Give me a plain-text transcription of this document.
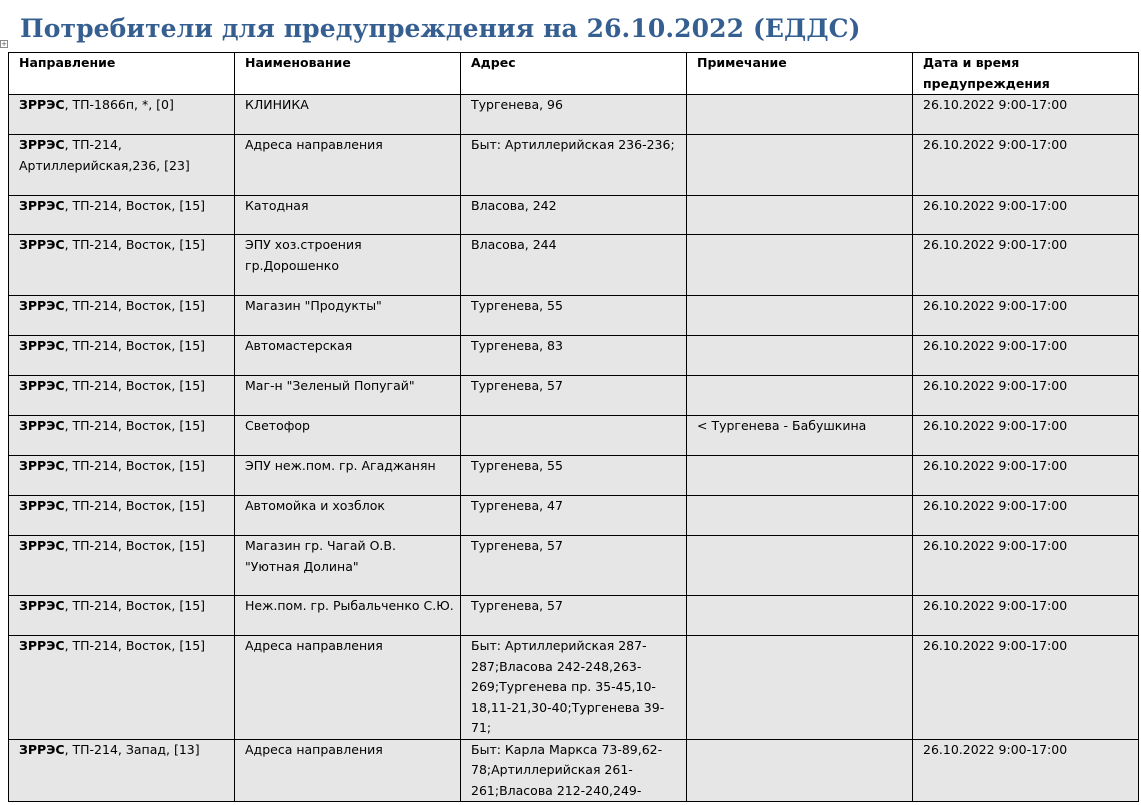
+
Потребители для предупреждения на 26.10.2022 (ЕДДС)
Направление	Наименование	Адрес	Примечание	Дата и время предупреждения
ЗРРЭС, ТП-1866п, *, [0]	КЛИНИКА	Тургенева, 96		26.10.2022 9:00-17:00
ЗРРЭС, ТП-214, Артиллерийская,236, [23]	Адреса направления	Быт: Артиллерийская 236-236;		26.10.2022 9:00-17:00
ЗРРЭС, ТП-214, Восток, [15]	Катодная	Власова, 242		26.10.2022 9:00-17:00
ЗРРЭС, ТП-214, Восток, [15]	ЭПУ хоз.строения гр.Дорошенко	Власова, 244		26.10.2022 9:00-17:00
ЗРРЭС, ТП-214, Восток, [15]	Магазин "Продукты"	Тургенева, 55		26.10.2022 9:00-17:00
ЗРРЭС, ТП-214, Восток, [15]	Автомастерская	Тургенева, 83		26.10.2022 9:00-17:00
ЗРРЭС, ТП-214, Восток, [15]	Маг-н "Зеленый Попугай"	Тургенева, 57		26.10.2022 9:00-17:00
ЗРРЭС, ТП-214, Восток, [15]	Светофор		< Тургенева - Бабушкина	26.10.2022 9:00-17:00
ЗРРЭС, ТП-214, Восток, [15]	ЭПУ неж.пом. гр. Агаджанян	Тургенева, 55		26.10.2022 9:00-17:00
ЗРРЭС, ТП-214, Восток, [15]	Автомойка и хозблок	Тургенева, 47		26.10.2022 9:00-17:00
ЗРРЭС, ТП-214, Восток, [15]	Магазин гр. Чагай О.В. "Уютная Долина"	Тургенева, 57		26.10.2022 9:00-17:00
ЗРРЭС, ТП-214, Восток, [15]	Неж.пом. гр. Рыбальченко С.Ю.	Тургенева, 57		26.10.2022 9:00-17:00
ЗРРЭС, ТП-214, Восток, [15]	Адреса направления	Быт: Артиллерийская 287-287;Власова 242-248,263-269;Тургенева пр. 35-45,10-18,11-21,30-40;Тургенева 39-71;		26.10.2022 9:00-17:00
ЗРРЭС, ТП-214, Запад, [13]	Адреса направления	Быт: Карла Маркса 73-89,62-78;Артиллерийская 261-261;Власова 212-240,249-		26.10.2022 9:00-17:00
